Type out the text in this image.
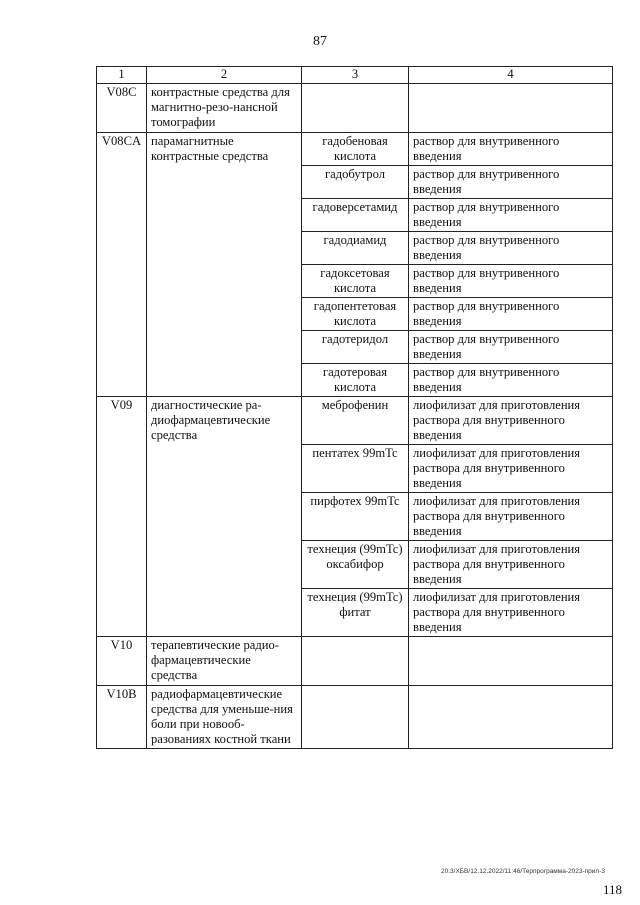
87
1	2	3	4
V08C	контрастные средства для магнитно-резо-нансной томографии		
V08CA	парамагнитные контрастные средства	гадобеновая кислота	раствор для внутривенного введения
		гадобутрол	раствор для внутривенного введения
		гадоверсетамид	раствор для внутривенного введения
		гадодиамид	раствор для внутривенного введения
		гадоксетовая кислота	раствор для внутривенного введения
		гадопентетовая кислота	раствор для внутривенного введения
		гадотеридол	раствор для внутривенного введения
		гадотеровая кислота	раствор для внутривенного введения
V09	диагностические ра-диофармацевтические средства	меброфенин	лиофилизат для приготовления раствора для внутривенного введения
		пентатех 99mTc	лиофилизат для приготовления раствора для внутривенного введения
		пирфотех 99mTc	лиофилизат для приготовления раствора для внутривенного введения
		технеция (99mTc) оксабифор	лиофилизат для приготовления раствора для внутривенного введения
		технеция (99mTc) фитат	лиофилизат для приготовления раствора для внутривенного введения
V10	терапевтические радио-фармацевтические средства		
V10B	радиофармацевтические средства для уменьше-ния боли при новооб-разованиях костной ткани		
20.3/ХБВ/12.12.2022/11:46/Терпрограмма-2023-прил-3
118
